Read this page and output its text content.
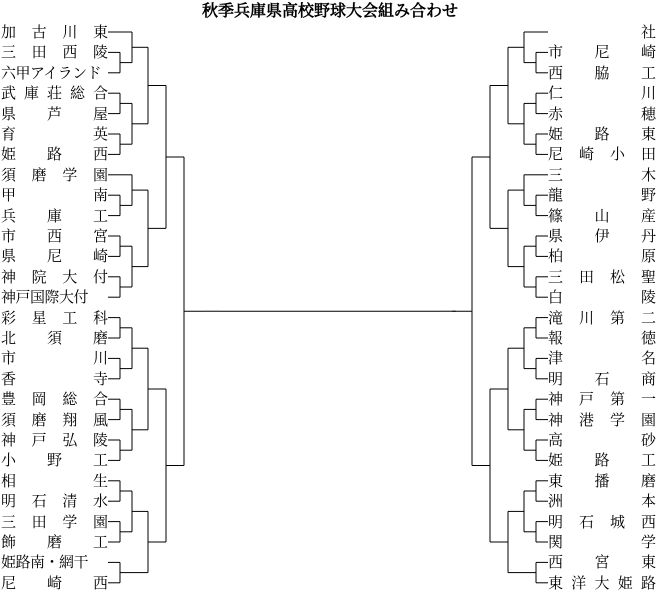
秋季兵庫県高校野球大会組み合わせ
加 古 川 東
三 田 西 陵
六甲アイランド
武 庫 荘 総 合
県 芦 屋
育	英
姫 路 西
須 磨 学 園
甲	南
兵 庫 工
市 西 宮
県 尼 崎
神 院 大 付
神戸国際大付
彩 星 工 科
北 須 磨
市	川
香	寺
豊 岡 総 合
須 磨 翔 風
神 戸 弘 陵
小 野 工
相	生
明 石 清 水
三 田 学 園
飾 磨 工
姫路南・網干
尼 崎 西
社
市 尼 崎
西 脇 工
仁	川
赤	穂
姫 路 東
尼 崎 小 田
三	木
龍	野
篠 山 産
県 伊 丹
柏	原
三 田 松 聖
白	陵
滝 川 第 二
報	徳
津	名
明 石 商
神 戸 第 一
神 港 学 園
高	砂
姫 路 工
東 播 磨
洲	本
明 石 城 西
関	学
西 宮 東
東 洋 大 姫 路
